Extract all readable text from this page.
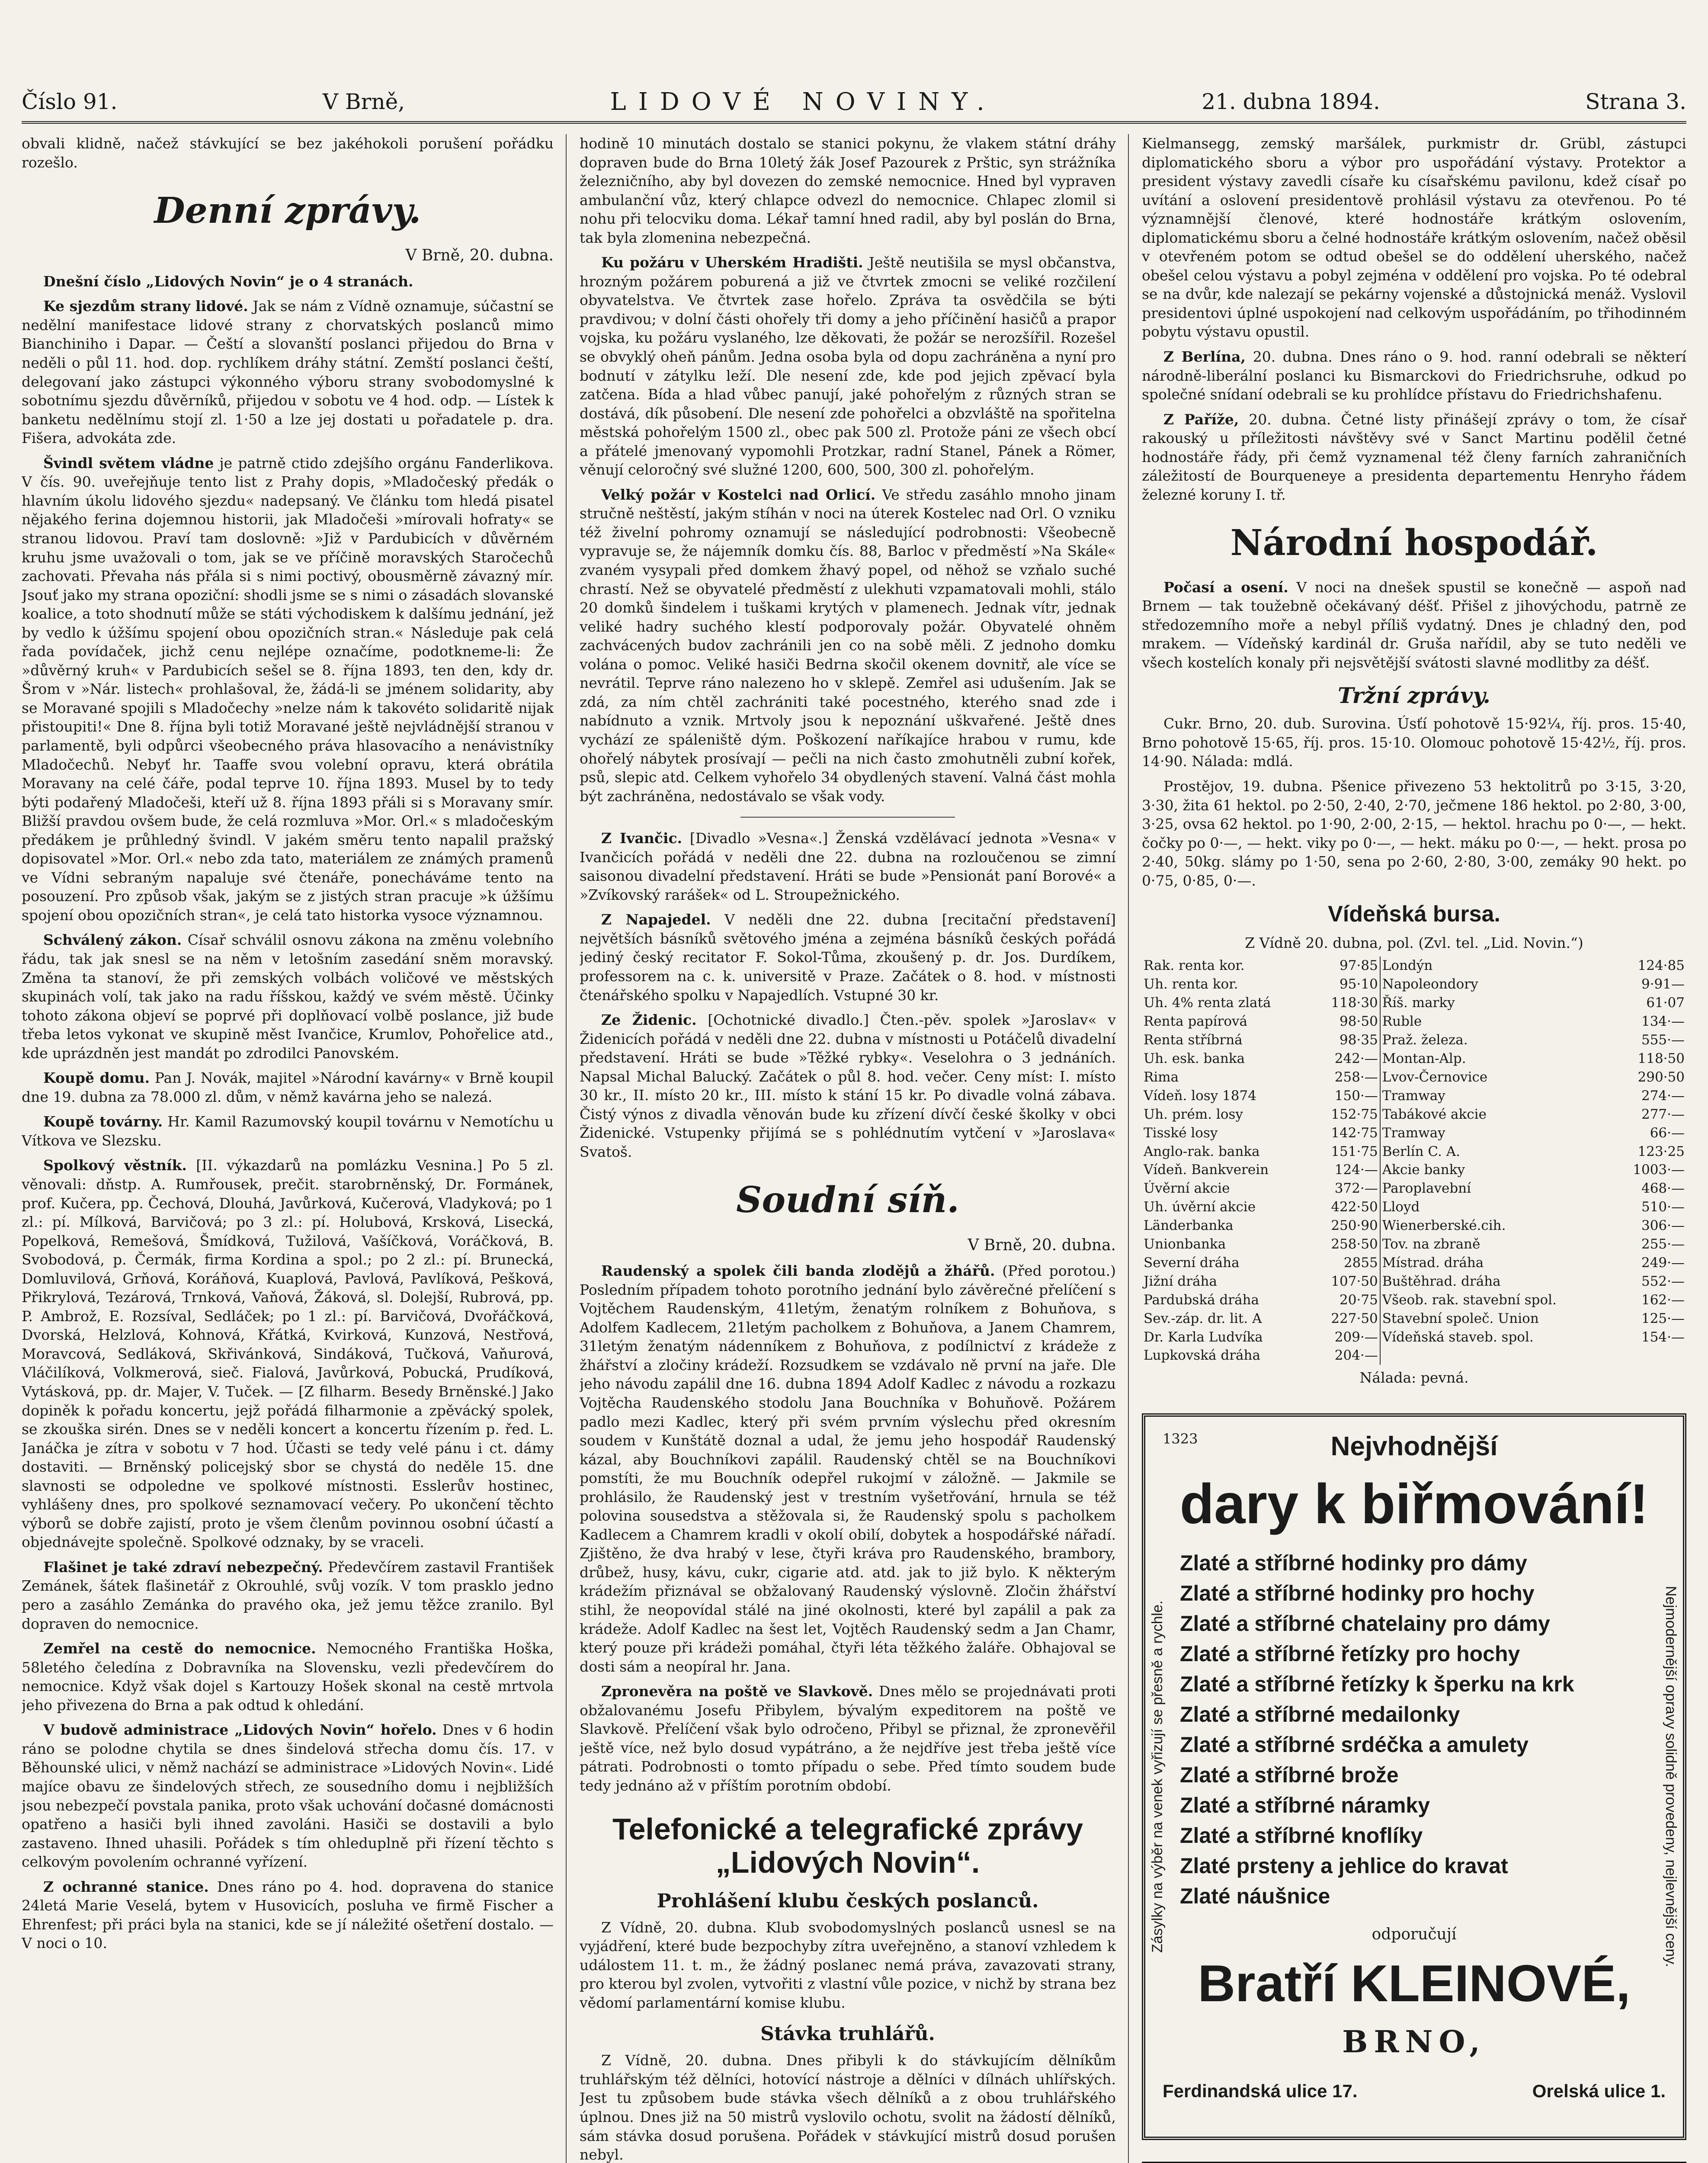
Číslo 91.	V Brně,	LIDOVÉ NOVINY.	21. dubna 1894.	Strana 3.

obvali klidně, načež stávkující se bez jakéhokoli porušení pořádku rozešlo.

Denní zprávy.
V Brně, 20. dubna.

Dnešní číslo „Lidových Novin“ je o 4 stranách.

Ke sjezdům strany lidové. Jak se nám z Vídně oznamuje, súčastní se nedělní manifestace lidové strany z chorvatských poslanců mimo Bianchiniho i Dapar. — Čeští a slovanští poslanci přijedou do Brna v neděli o půl 11. hod. dop. rychlíkem dráhy státní. Zemští poslanci čeští, delegovaní jako zástupci výkonného výboru strany svobodomyslné k sobotnímu sjezdu důvěrníků, přijedou v sobotu ve 4 hod. odp. — Lístek k banketu nedělnímu stojí zl. 1·50 a lze jej dostati u pořadatele p. dra. Fišera, advokáta zde.

Švindl světem vládne je patrně ctido zdejšího orgánu Fanderlikova. V čís. 90. uveřejňuje tento list z Prahy dopis, »Mladočeský předák o hlavním úkolu lidového sjezdu« nadepsaný. Ve článku tom hledá pisatel nějakého ferina dojemnou historii, jak Mladočeši »mírovali hofraty« se stranou lidovou. Praví tam doslovně: »Již v Pardubicích v důvěrném kruhu jsme uvažovali o tom, jak se ve příčině moravských Staročechů zachovati. Převaha nás přála si s nimi poctivý, obousměrně závazný mír. Jsouť jako my strana opoziční: shodli jsme se s nimi o zásadách slovanské koalice, a toto shodnutí může se státi východiskem k dalšímu jednání, jež by vedlo k úžšímu spojení obou opozičních stran.« Následuje pak celá řada povídaček, jichž cenu nejlépe označíme, podotkneme-li: Že »důvěrný kruh« v Pardubicích sešel se 8. října 1893, ten den, kdy dr. Šrom v »Nár. listech« prohlašoval, že, žádá-li se jménem solidarity, aby se Moravané spojili s Mladočechy »nelze nám k takovéto solidaritě nijak přistoupiti!« Dne 8. října byli totiž Moravané ještě nejvládnější stranou v parlamentě, byli odpůrci všeobecného práva hlasovacího a nenávistníky Mladočechů. Nebyť hr. Taaffe svou volební opravu, která obrátila Moravany na celé čáře, podal teprve 10. října 1893. Musel by to tedy býti podařený Mladočeši, kteří už 8. října 1893 přáli si s Moravany smír. Bližší pravdou ovšem bude, že celá rozmluva »Mor. Orl.« s mladočeským předákem je průhledný švindl. V jakém směru tento napalil pražský dopisovatel »Mor. Orl.« nebo zda tato, materiálem ze známých pramenů ve Vídni sebraným napaluje své čtenáře, ponecháváme tento na posouzení. Pro způsob však, jakým se z jistých stran pracuje »k úžšímu spojení obou opozičních stran«, je celá tato historka vysoce významnou.

Schválený zákon. Císař schválil osnovu zákona na změnu volebního řádu, tak jak snesl se na něm v letošním zasedání sněm moravský. Změna ta stanoví, že při zemských volbách voličové ve městských skupinách volí, tak jako na radu říšskou, každý ve svém městě. Účinky tohoto zákona objeví se poprvé při doplňovací volbě poslance, již bude třeba letos vykonat ve skupině měst Ivančice, Krumlov, Pohořelice atd., kde uprázdněn jest mandát po zdrodilci Panovském.

Koupě domu. Pan J. Novák, majitel »Národní kavárny« v Brně koupil dne 19. dubna za 78.000 zl. dům, v němž kavárna jeho se nalezá.

Koupě továrny. Hr. Kamil Razumovský koupil továrnu v Nemotíchu u Vítkova ve Slezsku.

Spolkový věstník. [II. výkazdarů na pomlázku Vesnina.] Po 5 zl. věnovali: dňstp. A. Rumřousek, prečit. starobrněnský, Dr. Formánek, prof. Kučera, pp. Čechová, Dlouhá, Javůrková, Kučerová, Vladyková; po 1 zl.: pí. Mílková, Barvičová; po 3 zl.: pí. Holubová, Krsková, Lisecká, Popelková, Remešová, Šmídková, Tužilová, Vašíčková, Voráčková, B. Svobodová, p. Čermák, firma Kordina a spol.; po 2 zl.: pí. Brunecká, Domluvilová, Grňová, Koráňová, Kuaplová, Pavlová, Pavlíková, Pešková, Přikrylová, Tezárová, Trnková, Vaňová, Žáková, sl. Dolejší, Rubrová, pp. P. Ambrož, E. Rozsíval, Sedláček; po 1 zl.: pí. Barvičová, Dvořáčková, Dvorská, Helzlová, Kohnová, Křátká, Kvirková, Kunzová, Nestřová, Moravcová, Sedláková, Skřivánková, Sindáková, Tučková, Vaňurová, Vláčilíková, Volkmerová, sieč. Fialová, Javůrková, Pobucká, Prudíková, Vytásková, pp. dr. Majer, V. Tuček. — [Z filharm. Besedy Brněnské.] Jako dopiněk k pořadu koncertu, jejž pořádá filharmonie a zpěvácký spolek, se zkouška sirén. Dnes se v neděli koncert a koncertu řízením p. řed. L. Janáčka je zítra v sobotu v 7 hod. Účasti se tedy velé pánu i ct. dámy dostaviti. — Brněnský policejský sbor se chystá do neděle 15. dne slavnosti se odpoledne ve spolkové místnosti. Esslerův hostinec, vyhlášeny dnes, pro spolkové seznamovací večery. Po ukončení těchto výborů se dobře zajistí, proto je všem členům povinnou osobní účastí a objednávejte společně. Spolkové odznaky, by se vraceli.

Flašinet je také zdraví nebezpečný. Předevčírem zastavil František Zemánek, šátek flašinetář z Okrouhlé, svůj vozík. V tom prasklo jedno pero a zasáhlo Zemánka do pravého oka, jež jemu těžce zranilo. Byl dopraven do nemocnice.

Zemřel na cestě do nemocnice. Nemocného Františka Hoška, 58letého čeledína z Dobravníka na Slovensku, vezli předevčírem do nemocnice. Když však dojel s Kartouzy Hošek skonal na cestě mrtvola jeho přivezena do Brna a pak odtud k ohledání.

V budově administrace „Lidových Novin“ hořelo. Dnes v 6 hodin ráno se polodne chytila se dnes šindelová střecha domu čís. 17. v Běhounské ulici, v němž nachází se administrace »Lidových Novin«. Lidé majíce obavu ze šindelových střech, ze sousedního domu i nejbližších jsou nebezpečí povstala panika, proto však uchování dočasné domácnosti opatřeno a hasiči byli ihned zavoláni. Hasiči se dostavili a bylo zastaveno. Ihned uhasili. Pořádek s tím ohleduplně při řízení těchto s celkovým povolením ochranné vyřízení.

Z ochranné stanice. Dnes ráno po 4. hod. dopravena do stanice 24letá Marie Veselá, bytem v Husovicích, posluha ve firmě Fischer a Ehrenfest; při práci byla na stanici, kde se jí náležité ošetření dostalo. — V noci o 10.

hodině 10 minutách dostalo se stanici pokynu, že vlakem státní dráhy dopraven bude do Brna 10letý žák Josef Pazourek z Prštic, syn strážníka železničního, aby byl dovezen do zemské nemocnice. Hned byl vypraven ambulanční vůz, který chlapce odvezl do nemocnice. Chlapec zlomil si nohu při telocviku doma. Lékař tamní hned radil, aby byl poslán do Brna, tak byla zlomenina nebezpečná.

Ku požáru v Uherském Hradišti. Ještě neutišila se mysl občanstva, hrozným požárem poburená a již ve čtvrtek zmocni se veliké rozčilení obyvatelstva. Ve čtvrtek zase hořelo. Zpráva ta osvědčila se býti pravdivou; v dolní části ohořely tři domy a jeho příčinění hasičů a prapor vojska, ku požáru vyslaného, lze děkovati, že požár se nerozšířil. Rozešel se obvyklý oheň pánům. Jedna osoba byla od dopu zachráněna a nyní pro bodnutí v zátylku leží. Dle nesení zde, kde pod jejich zpěvací byla zatčena. Bída a hlad vůbec panují, jaké pohořelým z různých stran se dostává, dík působení. Dle nesení zde pohořelci a obzvláště na spořitelna městská pohořelým 1500 zl., obec pak 500 zl. Protože páni ze všech obcí a přátelé jmenovaný vypomohli Protzkar, radní Stanel, Pánek a Römer, věnují celoročný své služné 1200, 600, 500, 300 zl. pohořelým.

Velký požár v Kostelci nad Orlicí. Ve středu zasáhlo mnoho jinam stručně neštěstí, jakým stíhán v noci na úterek Kostelec nad Orl. O vzniku též živelní pohromy oznamují se následující podrobnosti: Všeobecně vypravuje se, že nájemník domku čís. 88, Barloc v předměstí »Na Skále« zvaném vysypali před domkem žhavý popel, od něhož se vzňalo suché chrastí. Než se obyvatelé předměstí z ulekhuti vzpamatovali mohli, stálo 20 domků šindelem i tuškami krytých v plamenech. Jednak vítr, jednak veliké hadry suchého klestí podporovaly požár. Obyvatelé ohněm zachvácených budov zachránili jen co na sobě měli. Z jednoho domku volána o pomoc. Veliké hasiči Bedrna skočil okenem dovnitř, ale více se nevrátil. Teprve ráno nalezeno ho v sklepě. Zemřel asi udušením. Jak se zdá, za ním chtěl zachrániti také pocestného, kterého snad zde i nabídnuto a vznik. Mrtvoly jsou k nepoznání uškvařené. Ještě dnes vychází ze spáleniště dým. Poškození naříkajíce hrabou v rumu, kde ohořelý nábytek prosívají — pečli na nich často zmohutněli zubní kořek, psů, slepic atd. Celkem vyhořelo 34 obydlených stavení. Valná část mohla být zachráněna, nedostávalo se však vody.

Z Ivančic. [Divadlo »Vesna«.] Ženská vzdělávací jednota »Vesna« v Ivančicích pořádá v neděli dne 22. dubna na rozloučenou se zimní saisonou divadelní představení. Hráti se bude »Pensionát paní Borové« a »Zvíkovský rarášek« od L. Stroupežnického.

Z Napajedel. V neděli dne 22. dubna [recitační představení] největších básníků světového jména a zejména básníků českých pořádá jediný český recitator F. Sokol-Tůma, zkoušený p. dr. Jos. Durdíkem, professorem na c. k. universitě v Praze. Začátek o 8. hod. v místnosti čtenářského spolku v Napajedlích. Vstupné 30 kr.

Ze Židenic. [Ochotnické divadlo.] Čten.-pěv. spolek »Jaroslav« v Židenicích pořádá v neděli dne 22. dubna v místnosti u Potáčelů divadelní představení. Hráti se bude »Těžké rybky«. Veselohra o 3 jednáních. Napsal Michal Balucký. Začátek o půl 8. hod. večer. Ceny míst: I. místo 30 kr., II. místo 20 kr., III. místo k stání 15 kr. Po divadle volná zábava. Čistý výnos z divadla věnován bude ku zřízení dívčí české školky v obci Židenické. Vstupenky přijímá se s pohlédnutím vytčení v »Jaroslava« Svatoš.

Soudní síň.
V Brně, 20. dubna.

Raudenský a spolek čili banda zlodějů a žhářů. (Před porotou.) Posledním případem tohoto porotního jednání bylo závěrečné přelíčení s Vojtěchem Raudenským, 41letým, ženatým rolníkem z Bohuňova, s Adolfem Kadlecem, 21letým pacholkem z Bohuňova, a Janem Chamrem, 31letým ženatým nádenníkem z Bohuňova, z podílnictví z krádeže z žhářství a zločiny krádeží. Rozsudkem se vzdávalo ně první na jaře. Dle jeho návodu zapálil dne 16. dubna 1894 Adolf Kadlec z návodu a rozkazu Vojtěcha Raudenského stodolu Jana Bouchníka v Bohuňově. Požárem padlo mezi Kadlec, který při svém prvním výslechu před okresním soudem v Kunštátě doznal a udal, že jemu jeho hospodář Raudenský kázal, aby Bouchníkovi zapálil. Raudenský chtěl se na Bouchníkovi pomstíti, že mu Bouchník odepřel rukojmí v záložně. — Jakmile se prohlásilo, že Raudenský jest v trestním vyšetřování, hrnula se též polovina sousedstva a stěžovala si, že Raudenský spolu s pacholkem Kadlecem a Chamrem kradli v okolí obilí, dobytek a hospodářské nářadí. Zjištěno, že dva hrabý v lese, čtyři kráva pro Raudenského, brambory, drůbež, husy, kávu, cukr, cigarie atd. atd. jak to již bylo. K některým krádežím přiznával se obžalovaný Raudenský výslovně. Zločin žhářství stihl, že neopovídal stálé na jiné okolnosti, které byl zapálil a pak za krádeže. Adolf Kadlec na šest let, Vojtěch Raudenský sedm a Jan Chamr, který pouze při krádeži pomáhal, čtyři léta těžkého žaláře. Obhajoval se dosti sám a neopíral hr. Jana.

Zpronevěra na poště ve Slavkově. Dnes mělo se projednávati proti obžalovanému Josefu Přibylem, bývalým expeditorem na poště ve Slavkově. Přelíčení však bylo odročeno, Přibyl se přiznal, že zpronevěřil ještě více, než bylo dosud vypátráno, a že nejdříve jest třeba ještě více pátrati. Podrobnosti o tomto případu o sebe. Před tímto soudem bude tedy jednáno až v příštím porotním období.

Telefonické a telegrafické zprávy „Lidových Novin“.
Prohlášení klubu českých poslanců.

Z Vídně, 20. dubna. Klub svobodomyslných poslanců usnesl se na vyjádření, které bude bezpochyby zítra uveřejněno, a stanoví vzhledem k událostem 11. t. m., že žádný poslanec nemá práva, zavazovati strany, pro kterou byl zvolen, vytvořiti z vlastní vůle pozice, v nichž by strana bez vědomí parlamentární komise klubu.

Stávka truhlářů.

Z Vídně, 20. dubna. Dnes přibyli k do stávkujícím dělníkům truhlářským též dělníci, hotovící nástroje a dělníci v dílnách uhlířských. Jest tu způsobem bude stávka všech dělníků a z obou truhlářského úplnou. Dnes již na 50 mistrů vyslovilo ochotu, svolit na žádostí dělníků, sám stávka dosud porušena. Pořádek v stávkující mistrů dosud porušen nebyl.

Kielmansegg, zemský maršálek, purkmistr dr. Grübl, zástupci diplomatického sboru a výbor pro uspořádání výstavy. Protektor a president výstavy zavedli císaře ku císařskému pavilonu, kdež císař po uvítání a oslovení presidentově prohlásil výstavu za otevřenou. Po té významnější členové, které hodnostáře krátkým oslovením, diplomatickému sboru a čelné hodnostáře krátkým oslovením, načež oběsil v otevřeném potom se odtud obešel se do oddělení uherského, načež obešel celou výstavu a pobyl zejména v oddělení pro vojska. Po té odebral se na dvůr, kde nalezají se pekárny vojenské a důstojnická menáž. Vyslovil presidentovi úplné uspokojení nad celkovým uspořádáním, po třihodinném pobytu výstavu opustil.

Z Berlína, 20. dubna. Dnes ráno o 9. hod. ranní odebrali se některí národně-liberální poslanci ku Bismarckovi do Friedrichsruhe, odkud po společné snídaní odebrali se ku prohlídce přístavu do Friedrichshafenu.

Z Paříže, 20. dubna. Četné listy přinášejí zprávy o tom, že císař rakouský u příležitosti návštěvy své v Sanct Martinu podělil četné hodnostáře řády, při čemž vyznamenal též členy farních zahraničních záležitostí de Bourqueneye a presidenta departementu Henryho řádem železné koruny I. tř.

Národní hospodář.

Počasí a osení. V noci na dnešek spustil se konečně — aspoň nad Brnem — tak toužebně očekávaný déšť. Přišel z jihovýchodu, patrně ze středozemního moře a nebyl příliš vydatný. Dnes je chladný den, pod mrakem. — Vídeňský kardinál dr. Gruša nařídil, aby se tuto neděli ve všech kostelích konaly při nejsvětější svátosti slavné modlitby za déšť.

Tržní zprávy.

Cukr. Brno, 20. dub. Surovina. Úsťí pohotově 15·92¼, říj. pros. 15·40, Brno pohotově 15·65, říj. pros. 15·10. Olomouc pohotově 15·42½, říj. pros. 14·90. Nálada: mdlá.

Prostějov, 19. dubna. Pšenice přivezeno 53 hektolitrů po 3·15, 3·20, 3·30, žita 61 hektol. po 2·50, 2·40, 2·70, ječmene 186 hektol. po 2·80, 3·00, 3·25, ovsa 62 hektol. po 1·90, 2·00, 2·15, — hektol. hrachu po 0·—, — hekt. čočky po 0·—, — hekt. viky po 0·—, — hekt. máku po 0·—, — hekt. prosa po 2·40, 50kg. slámy po 1·50, sena po 2·60, 2·80, 3·00, zemáky 90 hekt. po 0·75, 0·85, 0·—.

Vídeňská bursa.
Z Vídně 20. dubna, pol. (Zvl. tel. „Lid. Novin.“)
Rak. renta kor.	97·85	Londýn	124·85
Uh. renta kor.	95·10	Napoleondory	9·91—
Uh. 4% renta zlatá	118·30	Říš. marky	61·07
Renta papírová	98·50	Ruble	134·—
Renta stříbrná	98·35	Praž. železa.	555·—
Uh. esk. banka	242·—	Montan-Alp.	118·50
Rima	258·—	Lvov-Černovice	290·50
Vídeň. losy 1874	150·—	Tramway	274·—
Uh. prém. losy	152·75	Tabákové akcie	277·—
Tisské losy	142·75	Tramway	66·—
Anglo-rak. banka	151·75	Berlín C. A.	123·25
Vídeň. Bankverein	124·—	Akcie banky	1003·—
Úvěrní akcie	372·—	Paroplavební	468·—
Uh. úvěrní akcie	422·50	Lloyd	510·—
Länderbanka	250·90	Wienerberské.cih.	306·—
Unionbanka	258·50	Tov. na zbraně	255·—
Severní dráha	2855	Místrad. dráha	249·—
Jižní dráha	107·50	Buštěhrad. dráha	552·—
Pardubská dráha	20·75	Všeob. rak. stavební spol.	162·—
Sev.-záp. dr. lit. A	227·50	Stavební společ. Union	125·—
Dr. Karla Ludvíka	209·—	Vídeňská staveb. spol.	154·—
Lupkovská dráha	204·—		
Nálada: pevná.
1323	Nejvhodnější
dary k biřmování!
Zlaté a stříbrné hodinky pro dámy
Zlaté a stříbrné hodinky pro hochy
Zlaté a stříbrné chatelainy pro dámy
Zlaté a stříbrné řetízky pro hochy
Zlaté a stříbrné řetízky k šperku na krk
Zlaté a stříbrné medailonky
Zlaté a stříbrné srdéčka a amulety
Zlaté a stříbrné brože
Zlaté a stříbrné náramky
Zlaté a stříbrné knoflíky
Zlaté prsteny a jehlice do kravat
Zlaté náušnice
odporučují
Bratří KLEINOVÉ,
BRNO,
Ferdinandská ulice 17.	Orelská ulice 1.
Zásylky na výběr na venek vyřizují se přesně a rychle.	Nejmodernější opravy solidně provedeny, nejlevnější ceny.
